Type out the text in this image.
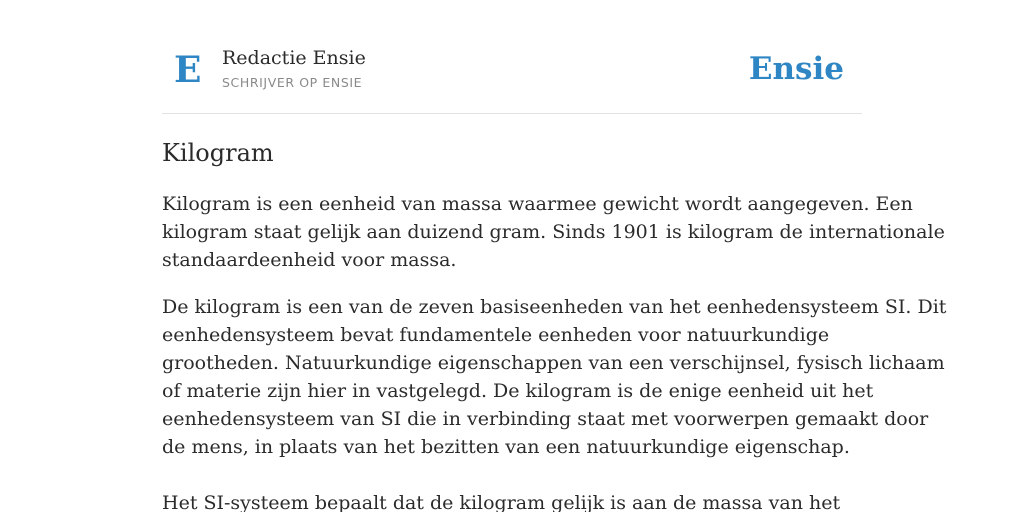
E Redactie Ensie
SCHRIJVER OP ENSIE	Ensie
Kilogram

Kilogram is een eenheid van massa waarmee gewicht wordt aangegeven. Een
kilogram staat gelijk aan duizend gram. Sinds 1901 is kilogram de internationale
standaardeenheid voor massa.

De kilogram is een van de zeven basiseenheden van het eenhedensysteem SI. Dit
eenhedensysteem bevat fundamentele eenheden voor natuurkundige
grootheden. Natuurkundige eigenschappen van een verschijnsel, fysisch lichaam
of materie zijn hier in vastgelegd. De kilogram is de enige eenheid uit het
eenhedensysteem van SI die in verbinding staat met voorwerpen gemaakt door
de mens, in plaats van het bezitten van een natuurkundige eigenschap.

Het SI-systeem bepaalt dat de kilogram gelijk is aan de massa van het
